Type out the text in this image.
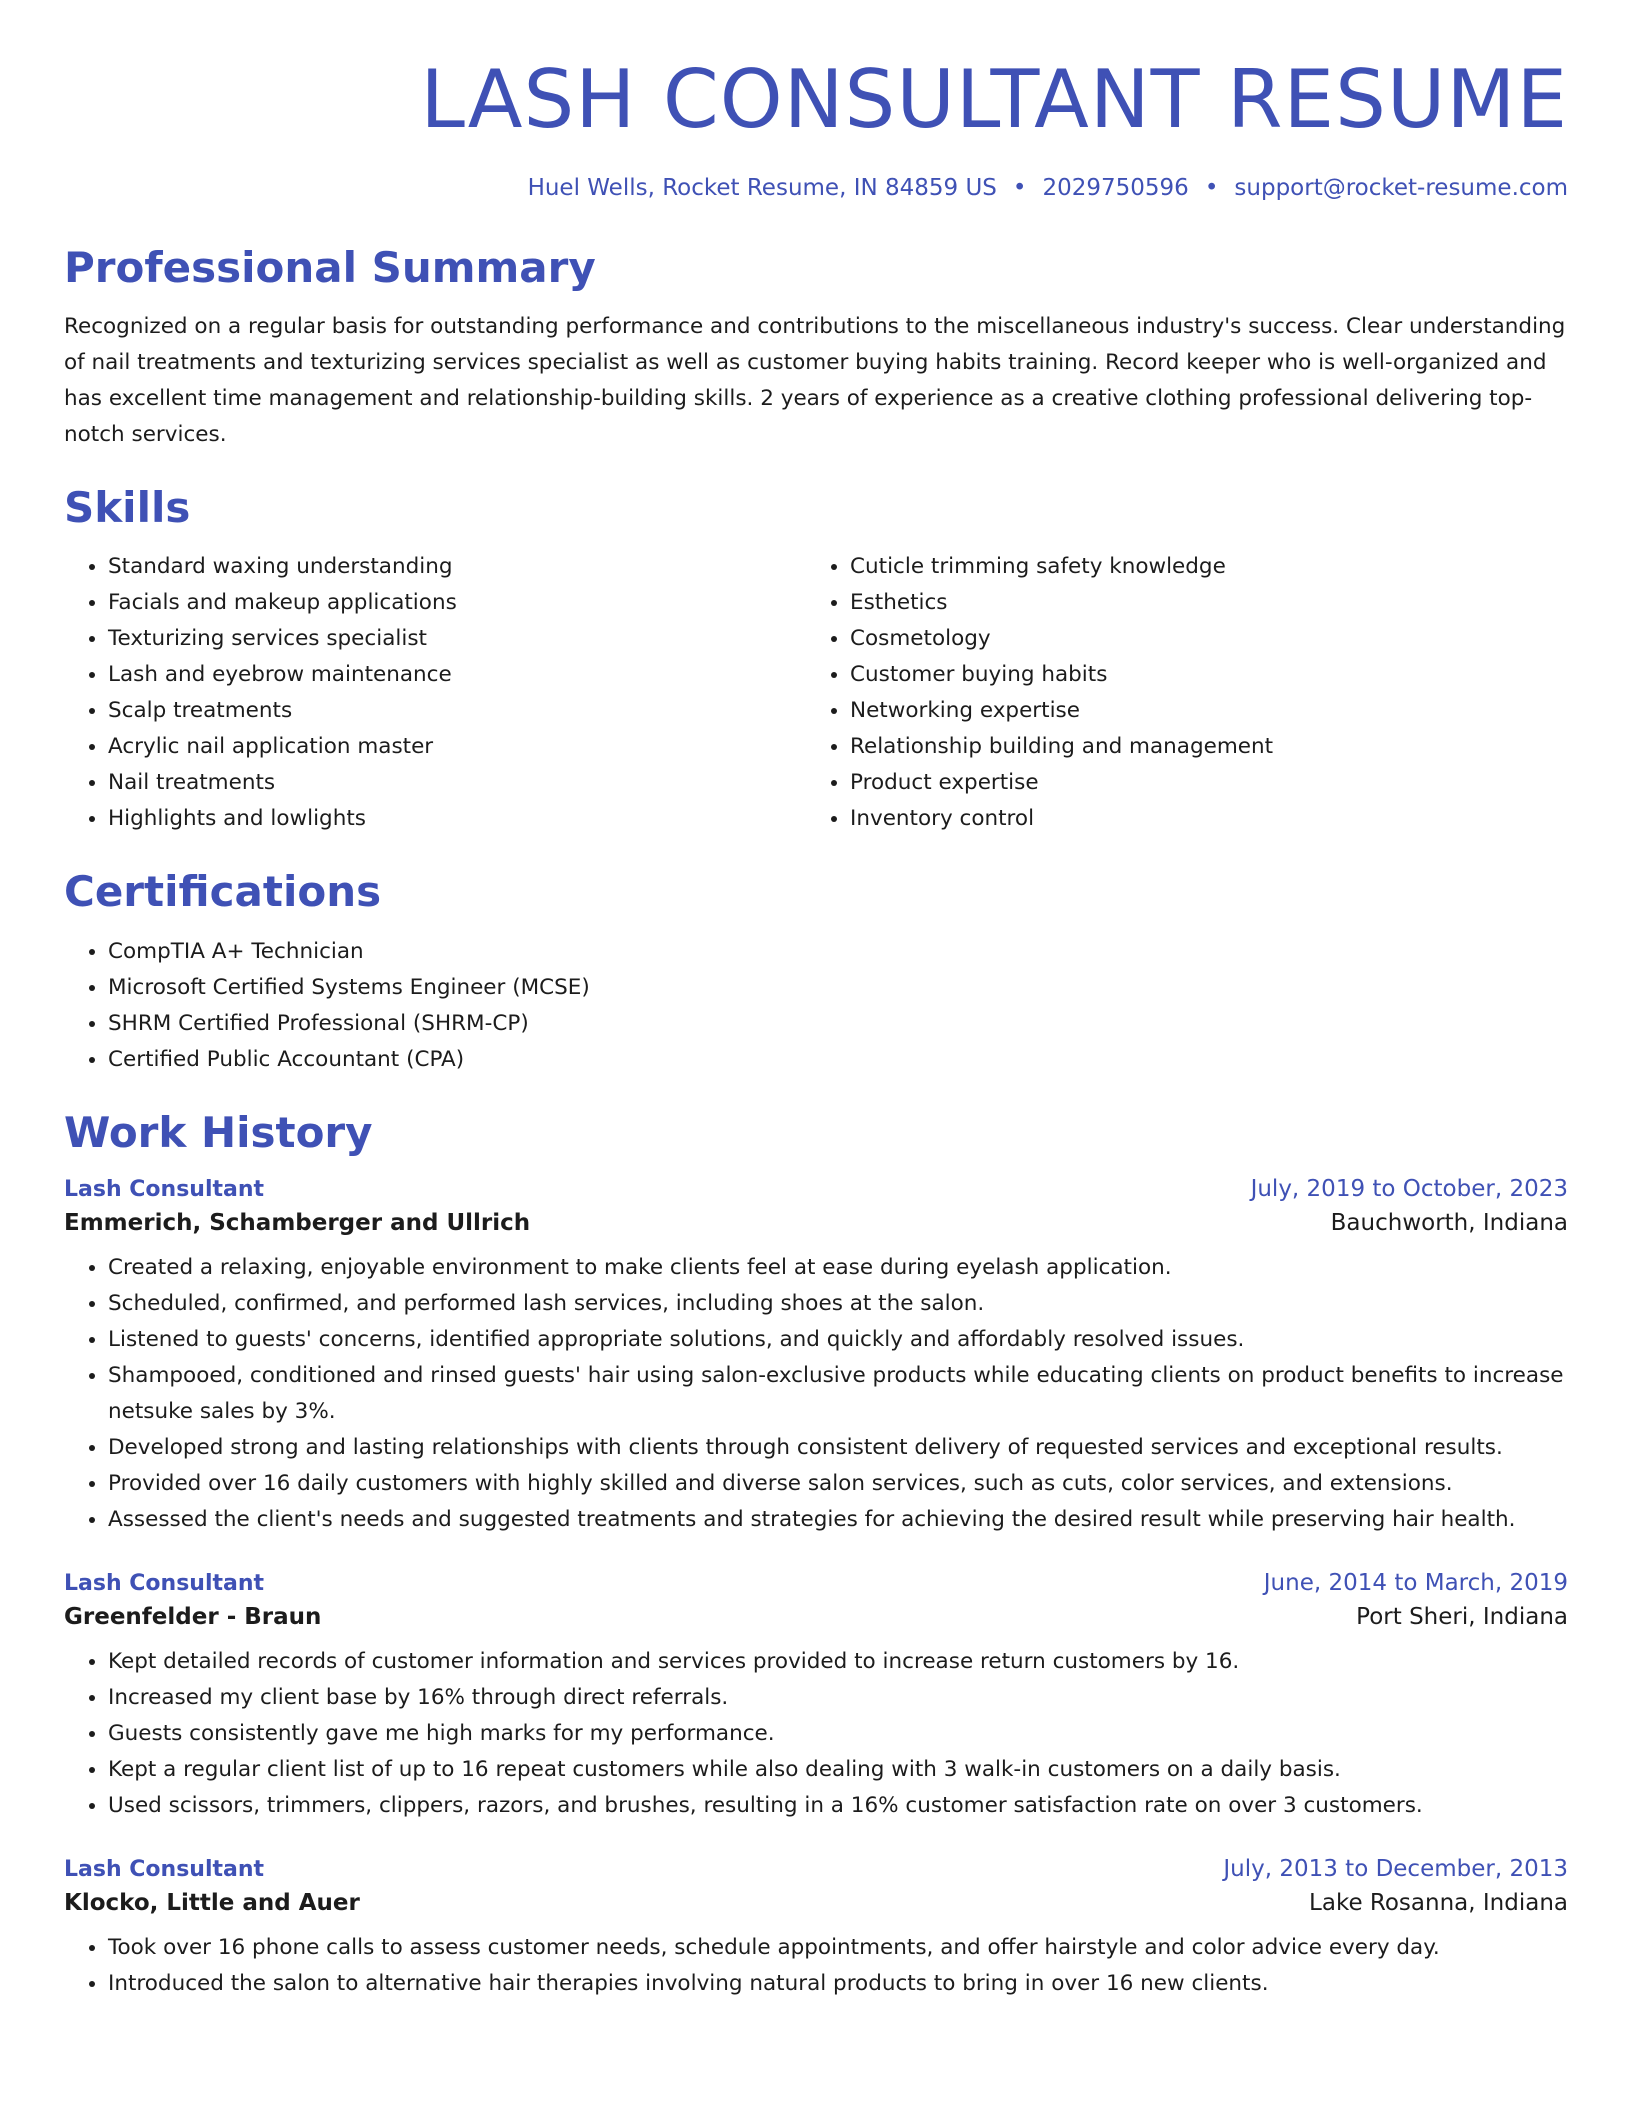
LASH CONSULTANT RESUME
Huel Wells, Rocket Resume, IN 84859 US • 2029750596 • support@rocket-resume.com
Professional Summary
Recognized on a regular basis for outstanding performance and contributions to the miscellaneous industry's success. Clear understanding of nail treatments and texturizing services specialist as well as customer buying habits training. Record keeper who is well-organized and has excellent time management and relationship-building skills. 2 years of experience as a creative clothing professional delivering top-notch services.
Skills
• Standard waxing understanding
• Facials and makeup applications
• Texturizing services specialist
• Lash and eyebrow maintenance
• Scalp treatments
• Acrylic nail application master
• Nail treatments
• Highlights and lowlights
• Cuticle trimming safety knowledge
• Esthetics
• Cosmetology
• Customer buying habits
• Networking expertise
• Relationship building and management
• Product expertise
• Inventory control
Certifications
• CompTIA A+ Technician
• Microsoft Certified Systems Engineer (MCSE)
• SHRM Certified Professional (SHRM-CP)
• Certified Public Accountant (CPA)
Work History
Lash Consultant	July, 2019 to October, 2023
Emmerich, Schamberger and Ullrich	Bauchworth, Indiana
• Created a relaxing, enjoyable environment to make clients feel at ease during eyelash application.
• Scheduled, confirmed, and performed lash services, including shoes at the salon.
• Listened to guests' concerns, identified appropriate solutions, and quickly and affordably resolved issues.
• Shampooed, conditioned and rinsed guests' hair using salon-exclusive products while educating clients on product benefits to increase netsuke sales by 3%.
• Developed strong and lasting relationships with clients through consistent delivery of requested services and exceptional results.
• Provided over 16 daily customers with highly skilled and diverse salon services, such as cuts, color services, and extensions.
• Assessed the client's needs and suggested treatments and strategies for achieving the desired result while preserving hair health.
Lash Consultant	June, 2014 to March, 2019
Greenfelder - Braun	Port Sheri, Indiana
• Kept detailed records of customer information and services provided to increase return customers by 16.
• Increased my client base by 16% through direct referrals.
• Guests consistently gave me high marks for my performance.
• Kept a regular client list of up to 16 repeat customers while also dealing with 3 walk-in customers on a daily basis.
• Used scissors, trimmers, clippers, razors, and brushes, resulting in a 16% customer satisfaction rate on over 3 customers.
Lash Consultant	July, 2013 to December, 2013
Klocko, Little and Auer	Lake Rosanna, Indiana
• Took over 16 phone calls to assess customer needs, schedule appointments, and offer hairstyle and color advice every day.
• Introduced the salon to alternative hair therapies involving natural products to bring in over 16 new clients.
